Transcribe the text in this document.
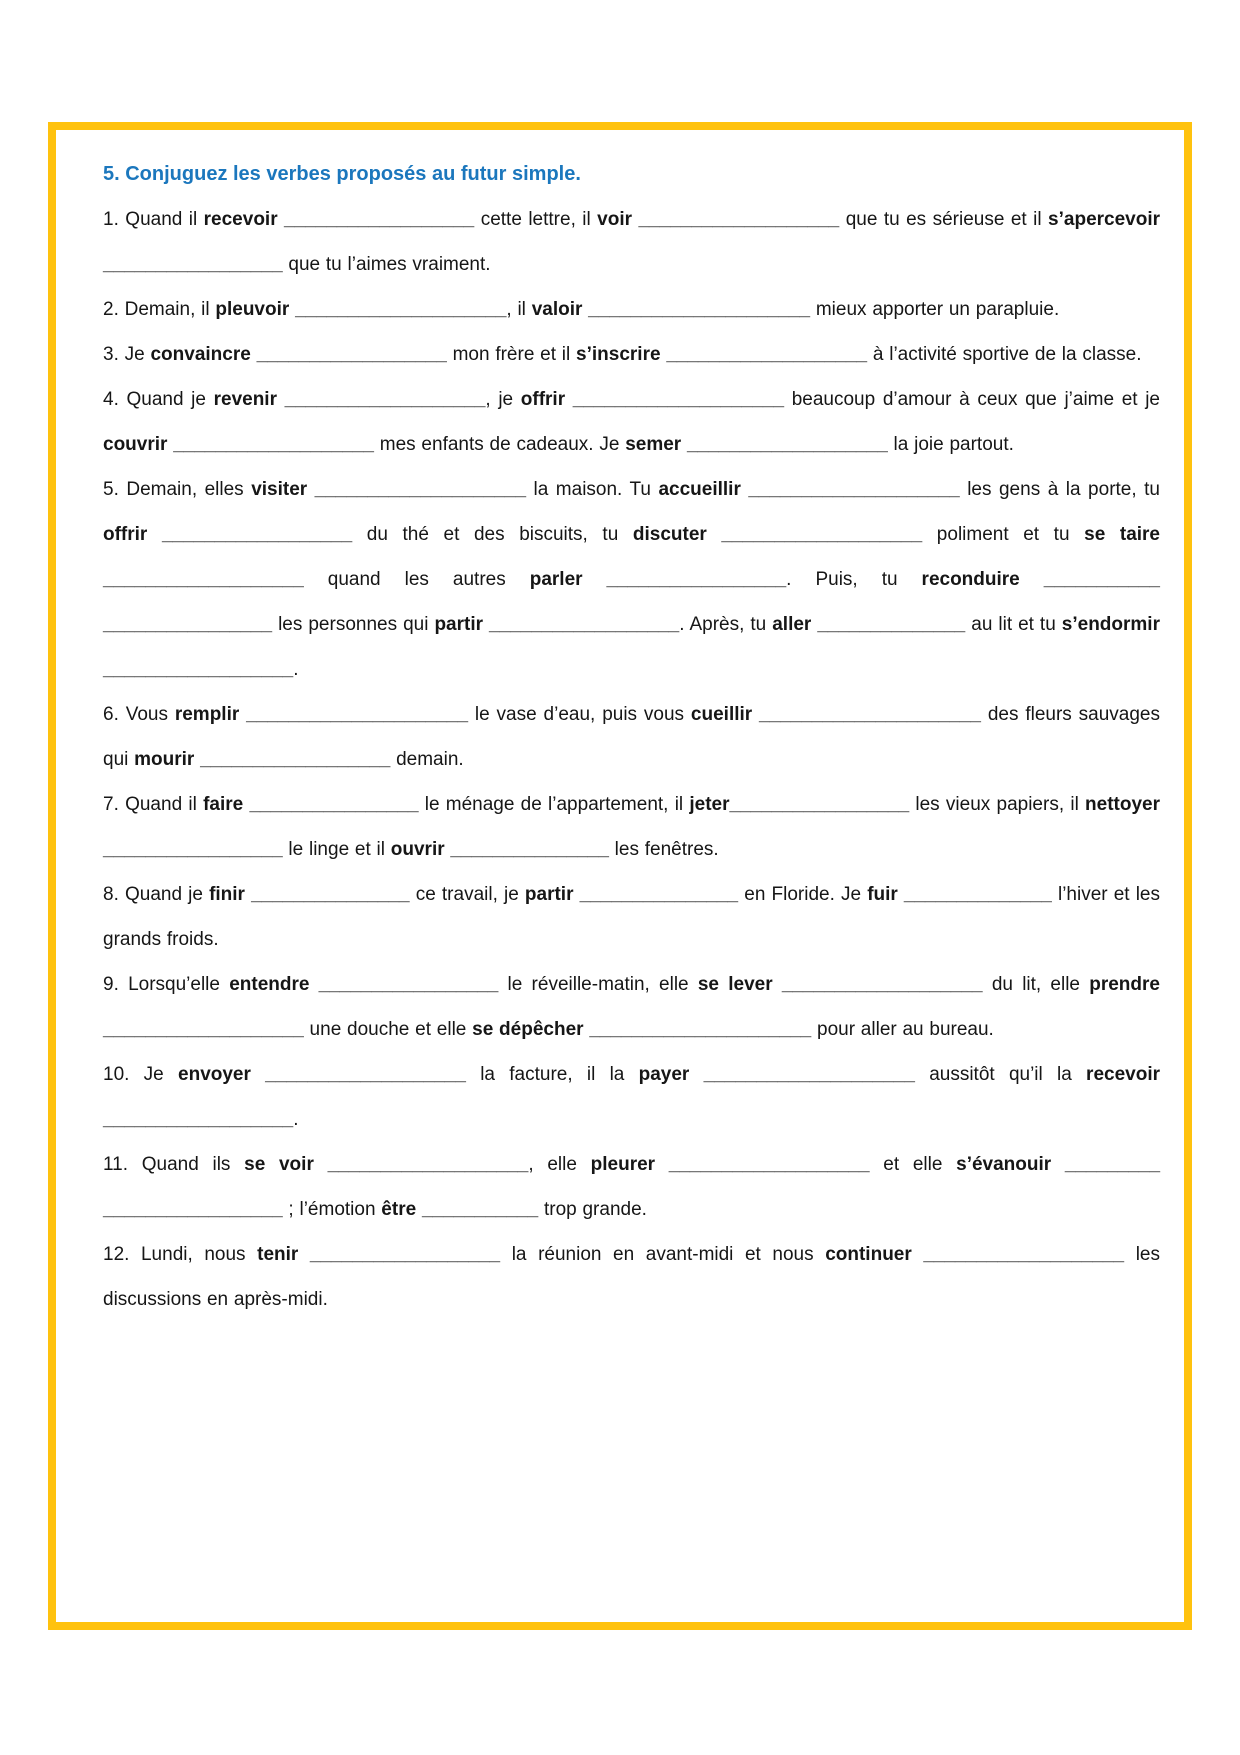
5. Conjuguez les verbes proposés au futur simple.

1. Quand il recevoir __________________ cette lettre, il voir ___________________ que tu es sérieuse et il s’apercevoir _________________ que tu l’aimes vraiment.

2. Demain, il pleuvoir ____________________, il valoir _____________________ mieux apporter un parapluie.

3. Je convaincre __________________ mon frère et il s’inscrire ___________________ à l’activité sportive de la classe.

4. Quand je revenir ___________________, je offrir ____________________ beaucoup d’amour à ceux que j’aime et je couvrir ___________________ mes enfants de cadeaux. Je semer ___________________ la joie partout.

5. Demain, elles visiter ____________________ la maison. Tu accueillir ____________________ les gens à la porte, tu offrir __________________ du thé et des biscuits, tu discuter ___________________ poliment et tu se taire ___________________ quand les autres parler _________________. Puis, tu reconduire ___________​________________ les personnes qui partir __________________. Après, tu aller ______________ au lit et tu s’endormir __________________.

6. Vous remplir _____________________ le vase d’eau, puis vous cueillir _____________________ des fleurs sauvages qui mourir __________________ demain.

7. Quand il faire ________________ le ménage de l’appartement, il jeter_________________ les vieux papiers, il nettoyer _________________ le linge et il ouvrir _______________ les fenêtres.

8. Quand je finir _______________ ce travail, je partir _______________ en Floride. Je fuir ______________ l’hiver et les grands froids.

9. Lorsqu’elle entendre _________________ le réveille-matin, elle se lever ___________________ du lit, elle prendre ___________________ une douche et elle se dépêcher _____________________ pour aller au bureau.

10. Je envoyer ___________________ la facture, il la payer ____________________ aussitôt qu’il la recevoir __________________.

11. Quand ils se voir ___________________, elle pleurer ___________________ et elle s’évanouir _________​_________________ ; l’émotion être ___________ trop grande.

12. Lundi, nous tenir __________________ la réunion en avant-midi et nous continuer ___________________ les discussions en après-midi.
